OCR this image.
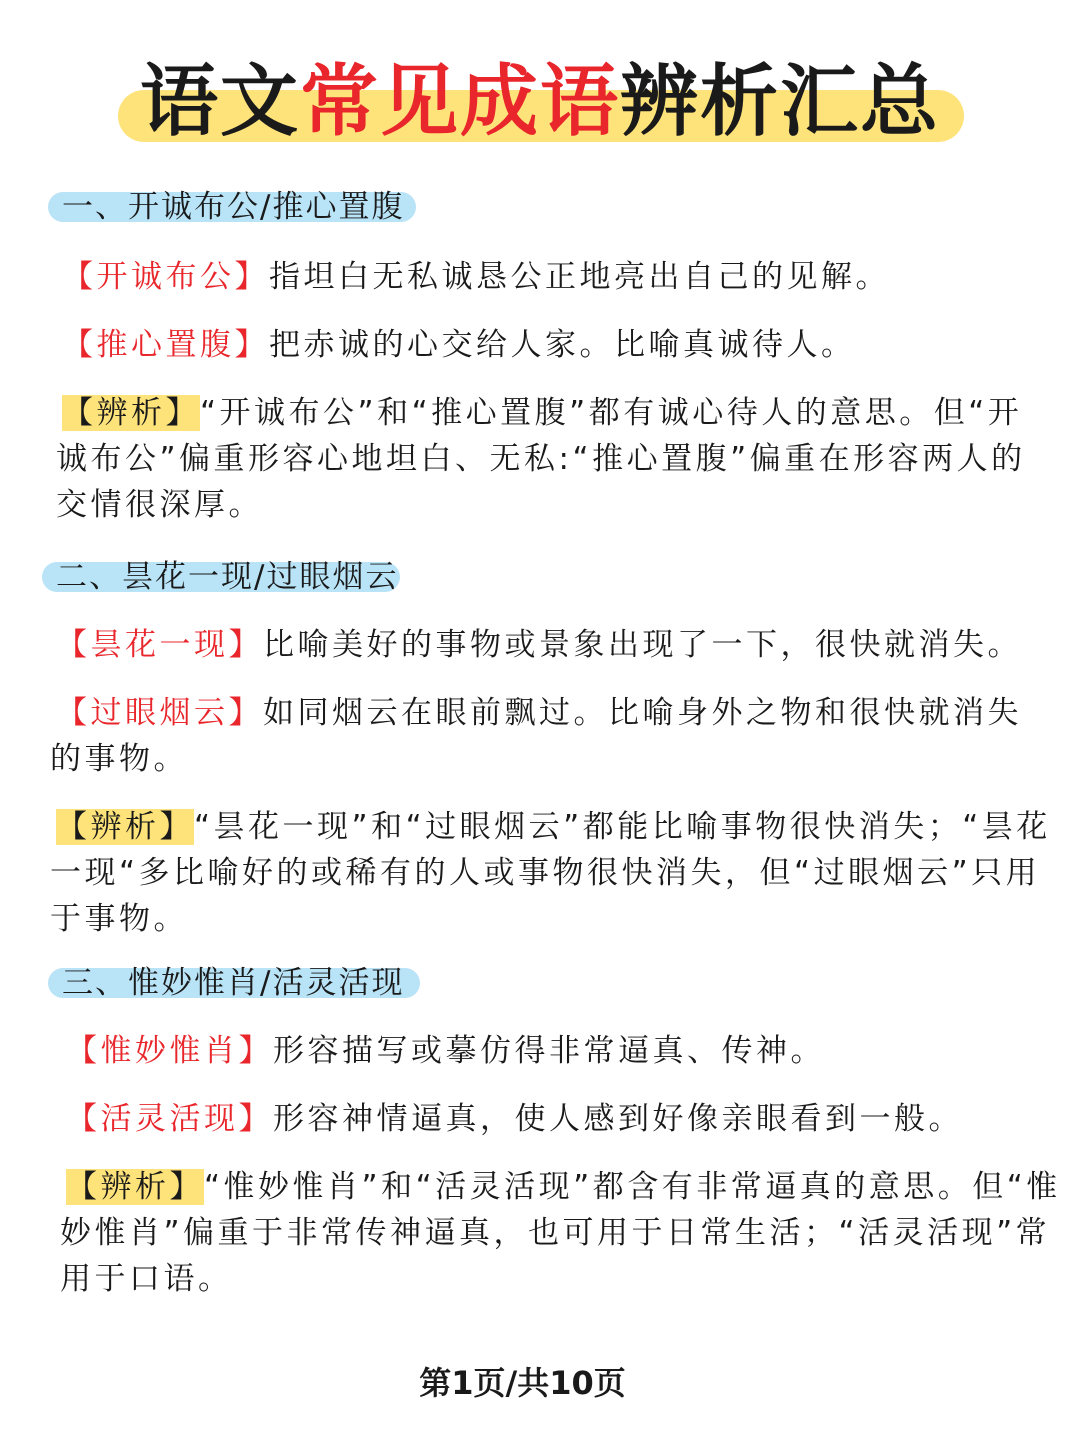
语文常见成语辨析汇总
一、开诚布公/推心置腹
【开诚布公】指坦白无私诚恳公正地亮出自己的见解。
【推心置腹】把赤诚的心交给人家。比喻真诚待人。
【辨析】“开诚布公”和“推心置腹”都有诚心待人的意思。但“开
诚布公”偏重形容心地坦白、无私:“推心置腹”偏重在形容两人的
交情很深厚。
二、昙花一现/过眼烟云
【昙花一现】比喻美好的事物或景象出现了一下，很快就消失。
【过眼烟云】如同烟云在眼前飘过。比喻身外之物和很快就消失
的事物。
【辨析】“昙花一现”和“过眼烟云”都能比喻事物很快消失；“昙花
一现“多比喻好的或稀有的人或事物很快消失，但“过眼烟云”只用
于事物。
三、惟妙惟肖/活灵活现
【惟妙惟肖】形容描写或摹仿得非常逼真、传神。
【活灵活现】形容神情逼真，使人感到好像亲眼看到一般。
【辨析】“惟妙惟肖”和“活灵活现”都含有非常逼真的意思。但“惟
妙惟肖”偏重于非常传神逼真，也可用于日常生活；“活灵活现”常
用于口语。
第1页/共10页
